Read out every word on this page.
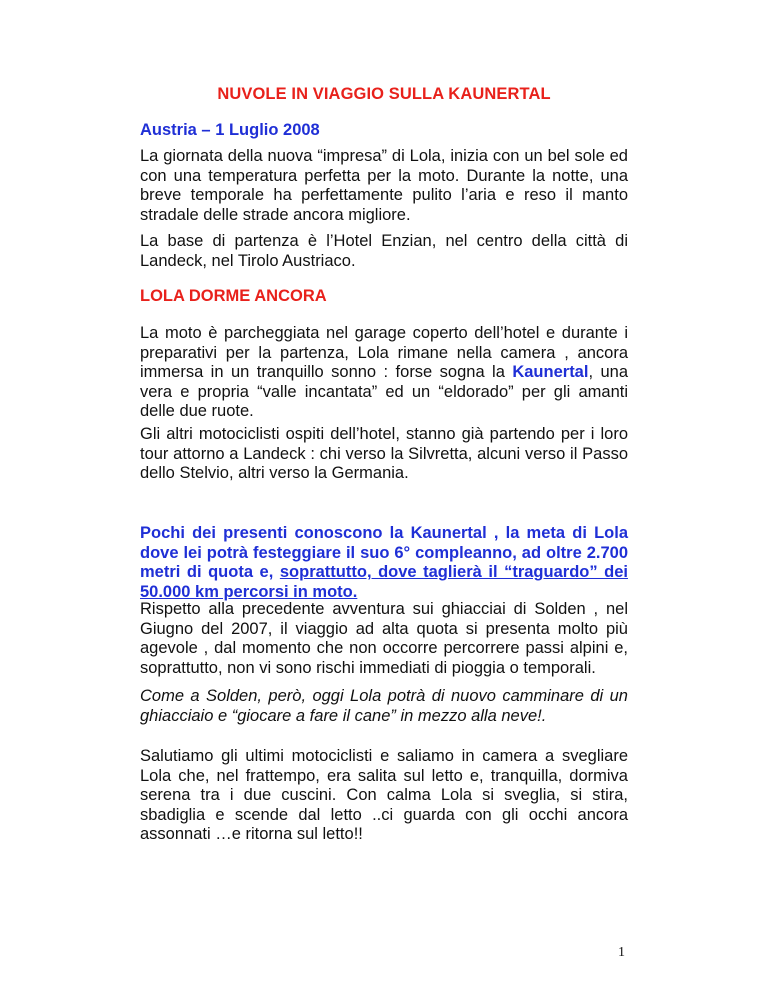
NUVOLE IN VIAGGIO SULLA KAUNERTAL
Austria – 1 Luglio 2008

La giornata della nuova “impresa” di Lola, inizia con un bel sole ed con una temperatura perfetta per la moto. Durante la notte, una breve temporale ha perfettamente pulito l’aria e reso il manto stradale delle strade ancora migliore.

La base di partenza è l’Hotel Enzian, nel centro della città di Landeck, nel Tirolo Austriaco.

LOLA DORME ANCORA

La moto è parcheggiata nel garage coperto dell’hotel e durante i preparativi per la partenza, Lola rimane nella camera , ancora immersa in un tranquillo sonno : forse sogna la Kaunertal, una vera e propria “valle incantata” ed un “eldorado” per gli amanti delle due ruote.

Gli altri motociclisti ospiti dell’hotel, stanno già partendo per i loro tour attorno a Landeck : chi verso la Silvretta, alcuni verso il Passo dello Stelvio, altri verso la Germania.

Pochi dei presenti conoscono la Kaunertal , la meta di Lola dove lei potrà festeggiare il suo 6° compleanno, ad oltre 2.700 metri di quota e, soprattutto, dove taglierà il “traguardo” dei 50.000 km percorsi in moto.

Rispetto alla precedente avventura sui ghiacciai di Solden , nel Giugno del 2007, il viaggio ad alta quota si presenta molto più agevole , dal momento che non occorre percorrere passi alpini e, soprattutto, non vi sono rischi immediati di pioggia o temporali.

Come a Solden, però, oggi Lola potrà di nuovo camminare di un ghiacciaio e “giocare a fare il cane” in mezzo alla neve!.

Salutiamo gli ultimi motociclisti e saliamo in camera a svegliare Lola che, nel frattempo, era salita sul letto e, tranquilla, dormiva serena tra i due cuscini. Con calma Lola si sveglia, si stira, sbadiglia e scende dal letto ..ci guarda con gli occhi ancora assonnati …e ritorna sul letto!!

1
